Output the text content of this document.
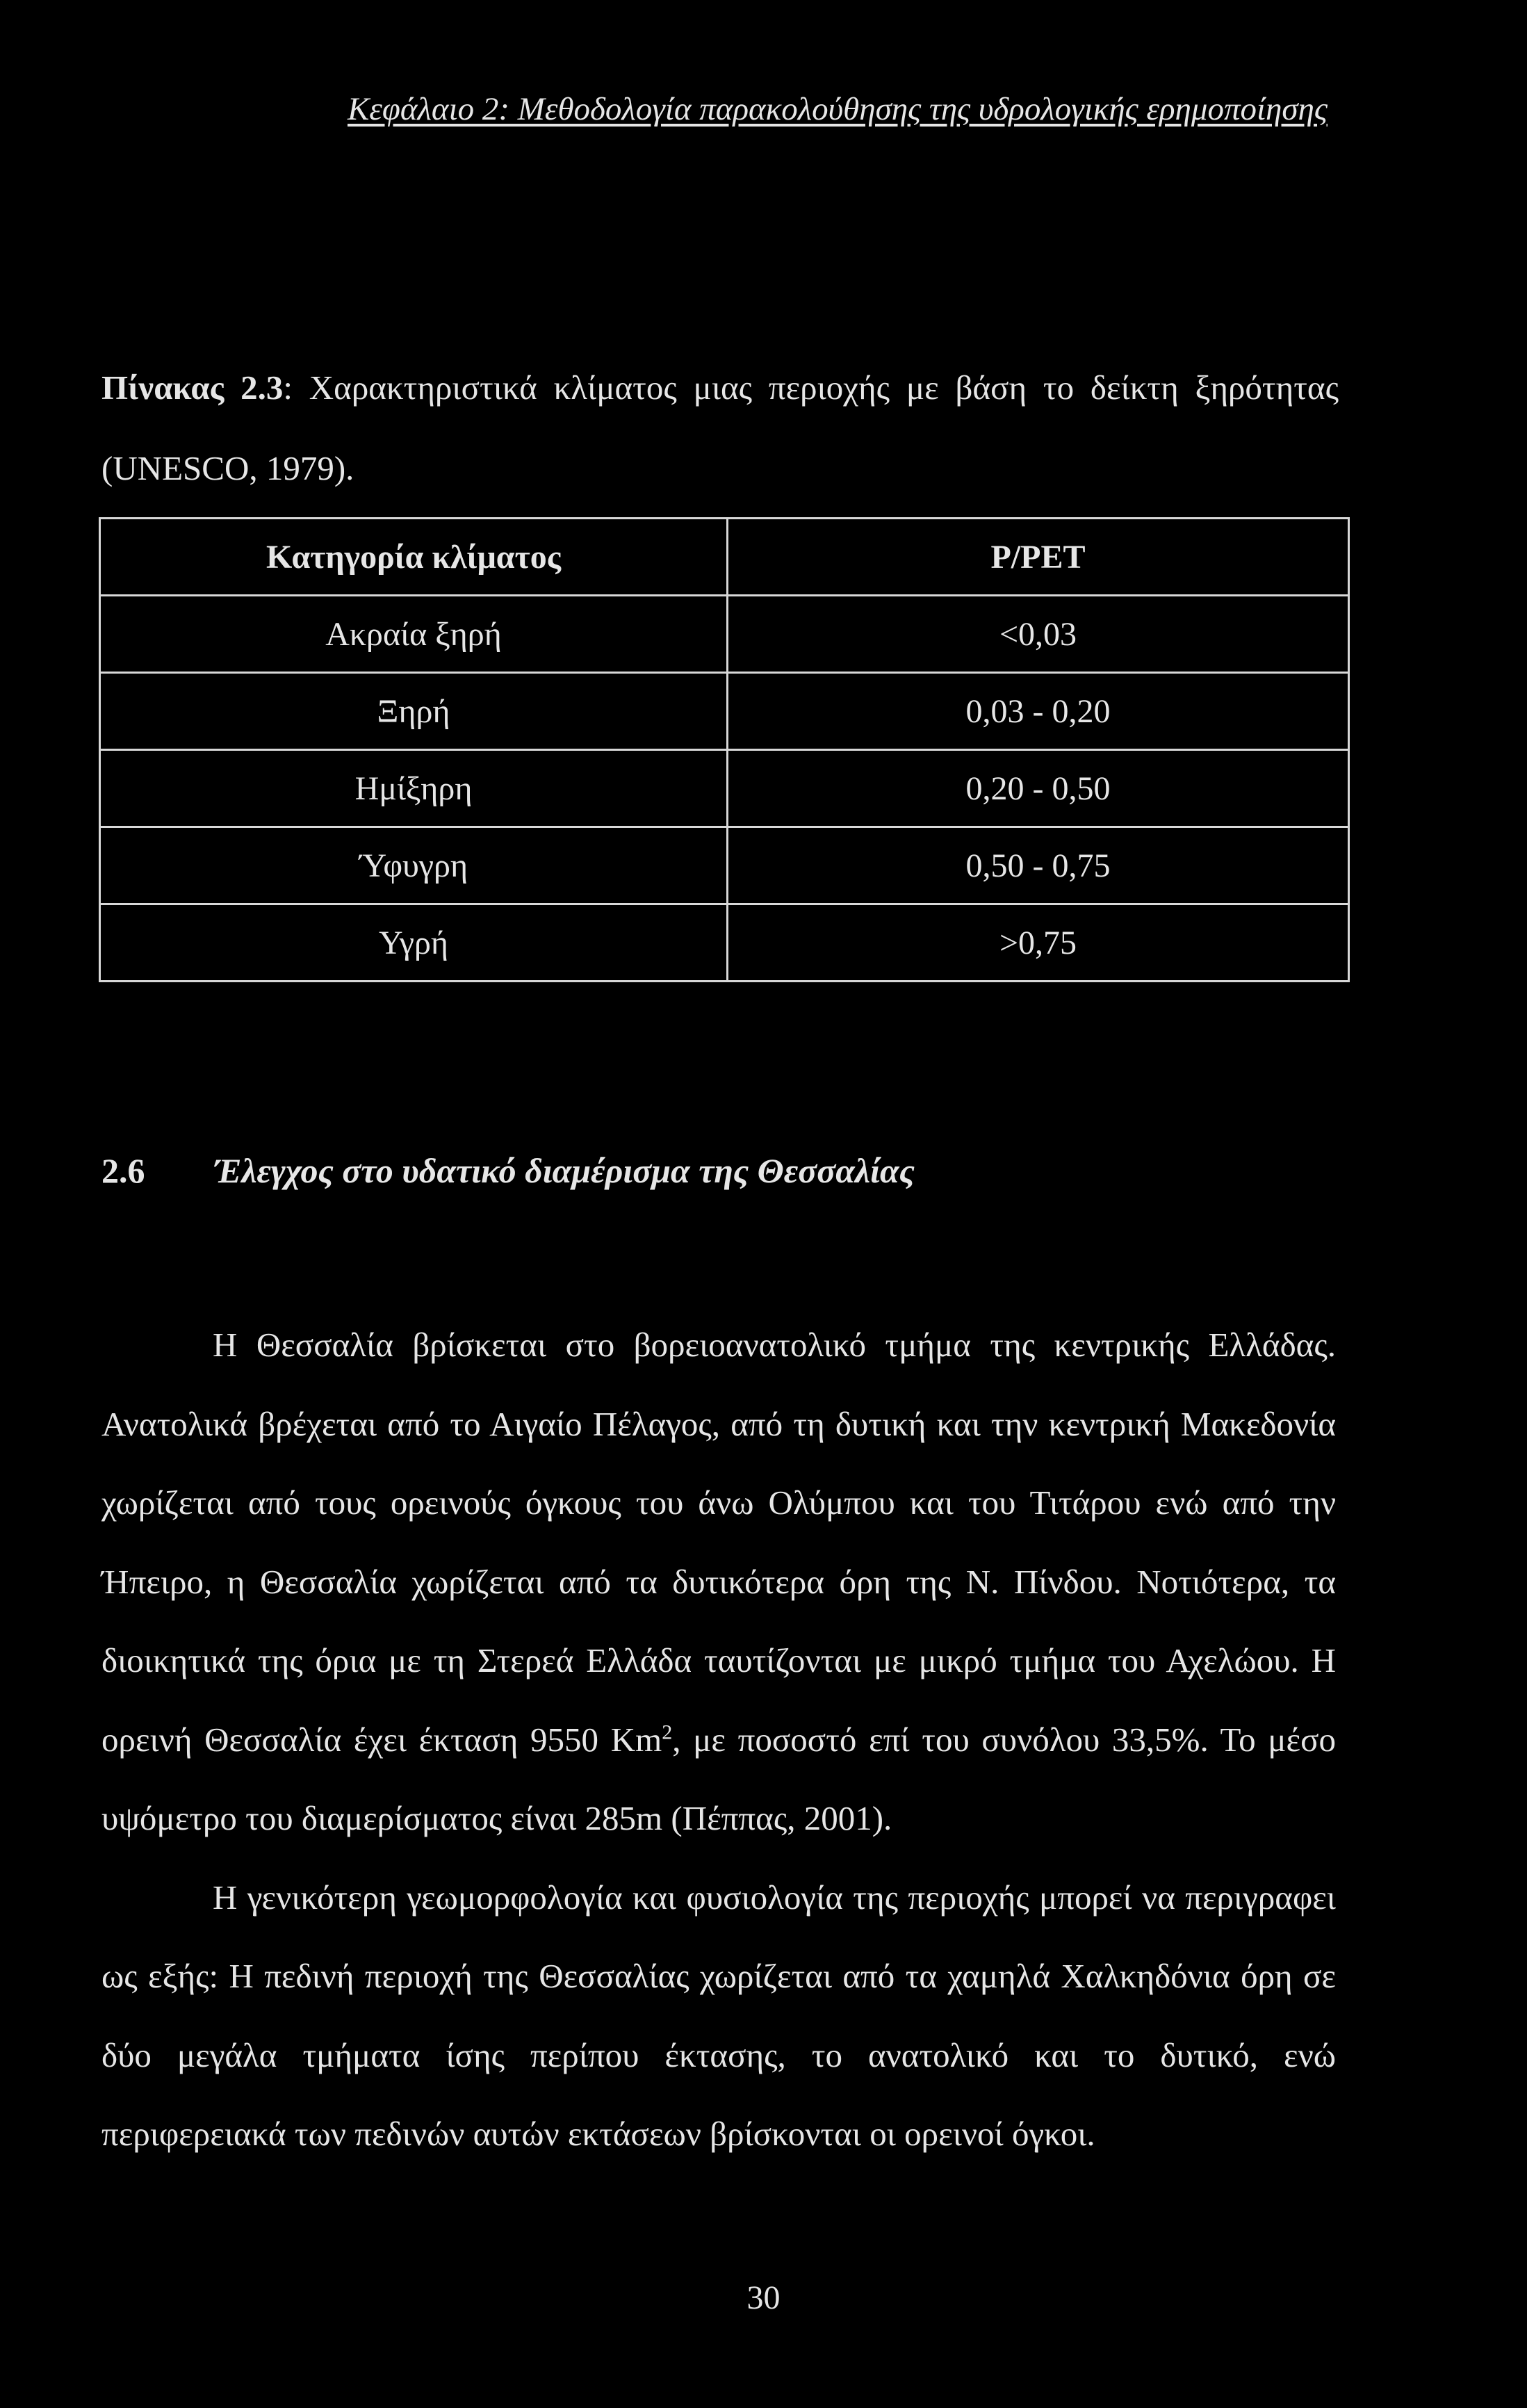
Κεφάλαιο 2: Μεθοδολογία παρακολούθησης της υδρολογικής ερημοποίησης
Πίνακας 2.3: Χαρακτηριστικά κλίματος μιας περιοχής με βάση το δείκτη ξηρότητας (UNESCO, 1979).
Κατηγορία κλίματος	P/PET
Ακραία ξηρή	<0,03
Ξηρή	0,03 - 0,20
Ημίξηρη	0,20 - 0,50
Ύφυγρη	0,50 - 0,75
Υγρή	>0,75
2.6 Έλεγχος στο υδατικό διαμέρισμα της Θεσσαλίας

Η Θεσσαλία βρίσκεται στο βορειοανατολικό τμήμα της κεντρικής Ελλάδας. Ανατολικά βρέχεται από το Αιγαίο Πέλαγος, από τη δυτική και την κεντρική Μακεδονία χωρίζεται από τους ορεινούς όγκους του άνω Ολύμπου και του Τιτάρου ενώ από την Ήπειρο, η Θεσσαλία χωρίζεται από τα δυτικότερα όρη της Ν. Πίνδου. Νοτιότερα, τα διοικητικά της όρια με τη Στερεά Ελλάδα ταυτίζονται με μικρό τμήμα του Αχελώου. Η ορεινή Θεσσαλία έχει έκταση 9550 Km$^2$, με ποσοστό επί του συνόλου 33,5%. Το μέσο υψόμετρο του διαμερίσματος είναι 285m (Πέππας, 2001).

Η γενικότερη γεωμορφολογία και φυσιολογία της περιοχής μπορεί να περιγραφει ως εξής: Η πεδινή περιοχή της Θεσσαλίας χωρίζεται από τα χαμηλά Χαλκηδόνια όρη σε δύο μεγάλα τμήματα ίσης περίπου έκτασης, το ανατολικό και το δυτικό, ενώ περιφερειακά των πεδινών αυτών εκτάσεων βρίσκονται οι ορεινοί όγκοι.

30
